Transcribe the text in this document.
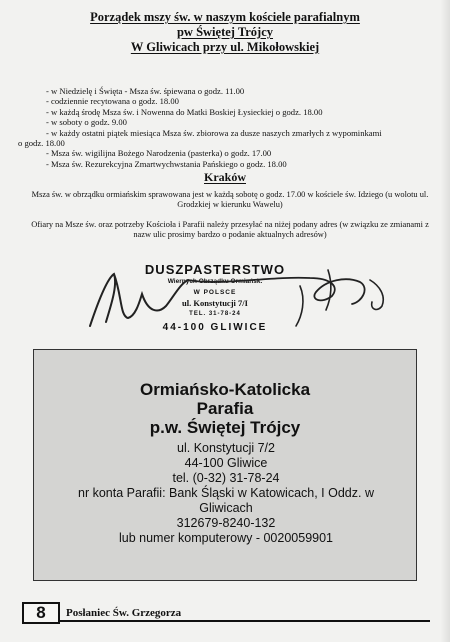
Porządek mszy św. w naszym kościele parafialnym
pw Świętej Trójcy
W Gliwicach przy ul. Mikołowskiej
- w Niedzielę i Święta - Msza św. śpiewana o godz. 11.00
- codziennie recytowana o godz. 18.00
- w każdą środę Msza św. i Nowenna do Matki Boskiej Łysieckiej o godz. 18.00
- w soboty o godz. 9.00
- w każdy ostatni piątek miesiąca Msza św. zbiorowa za dusze naszych zmarłych z wypominkami
o godz. 18.00
- Msza św. wigilijna Bożego Narodzenia (pasterka) o godz. 17.00
- Msza św. Rezurekcyjna Zmartwychwstania Pańskiego o godz. 18.00
Kraków
Msza św. w obrządku ormiańskim sprawowana jest w każdą sobotę o godz. 17.00 w kościele św. Idziego (u wolotu ul. Grodzkiej w kierunku Wawelu)
Ofiary na Msze św. oraz potrzeby Kościoła i Parafii należy przesyłać na niżej podany adres (w związku ze zmianami z nazw ulic prosimy bardzo o podanie aktualnych adresów)
DUSZPASTERSTWO
Wiernych Obrządku Ormiańsk.
W POLSCE
ul. Konstytucji 7/I
TEL. 31-78-24
44-100 GLIWICE
Ormiańsko-Katolicka
Parafia
p.w. Świętej Trójcy
ul. Konstytucji 7/2
44-100 Gliwice
tel. (0-32) 31-78-24
nr konta Parafii: Bank Śląski w Katowicach, I Oddz. w
Gliwicach
312679-8240-132
lub numer komputerowy - 0020059901
8	Posłaniec Św. Grzegorza
